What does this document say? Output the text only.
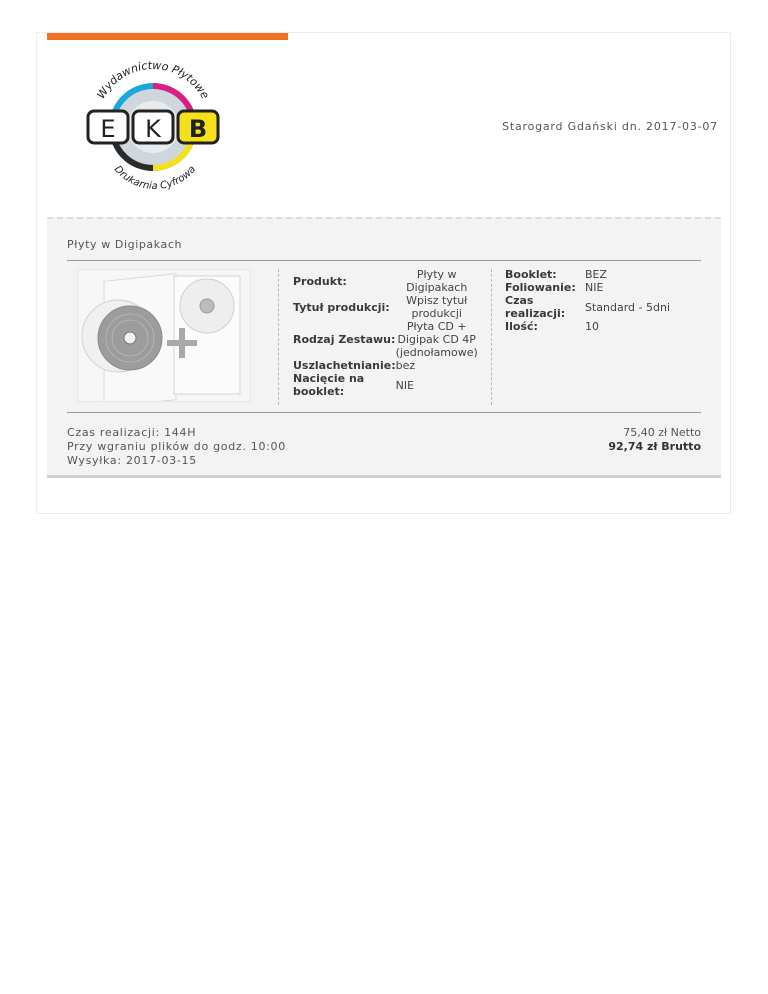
Wydawnictwo Płytowe
Drukarnia Cyfrowa
E K B	Starogard Gdański dn. 2017-03-07
Płyty w Digipakach
Produkt:	Płyty w Digipakach
Tytuł produkcji:	Wpisz tytuł produkcji
Rodzaj Zestawu:	Płyta CD + Digipak CD 4P (jednołamowe)
Uszlachetnianie:	bez
Nacięcie na booklet:	NIE
Booklet:	BEZ
Foliowanie:	NIE
Czas realizacji:	Standard - 5dni
Ilość:	10
Czas realizacji: 144H
Przy wgraniu plików do godz. 10:00
Wysyłka: 2017-03-15
75,40 zł Netto
92,74 zł Brutto
